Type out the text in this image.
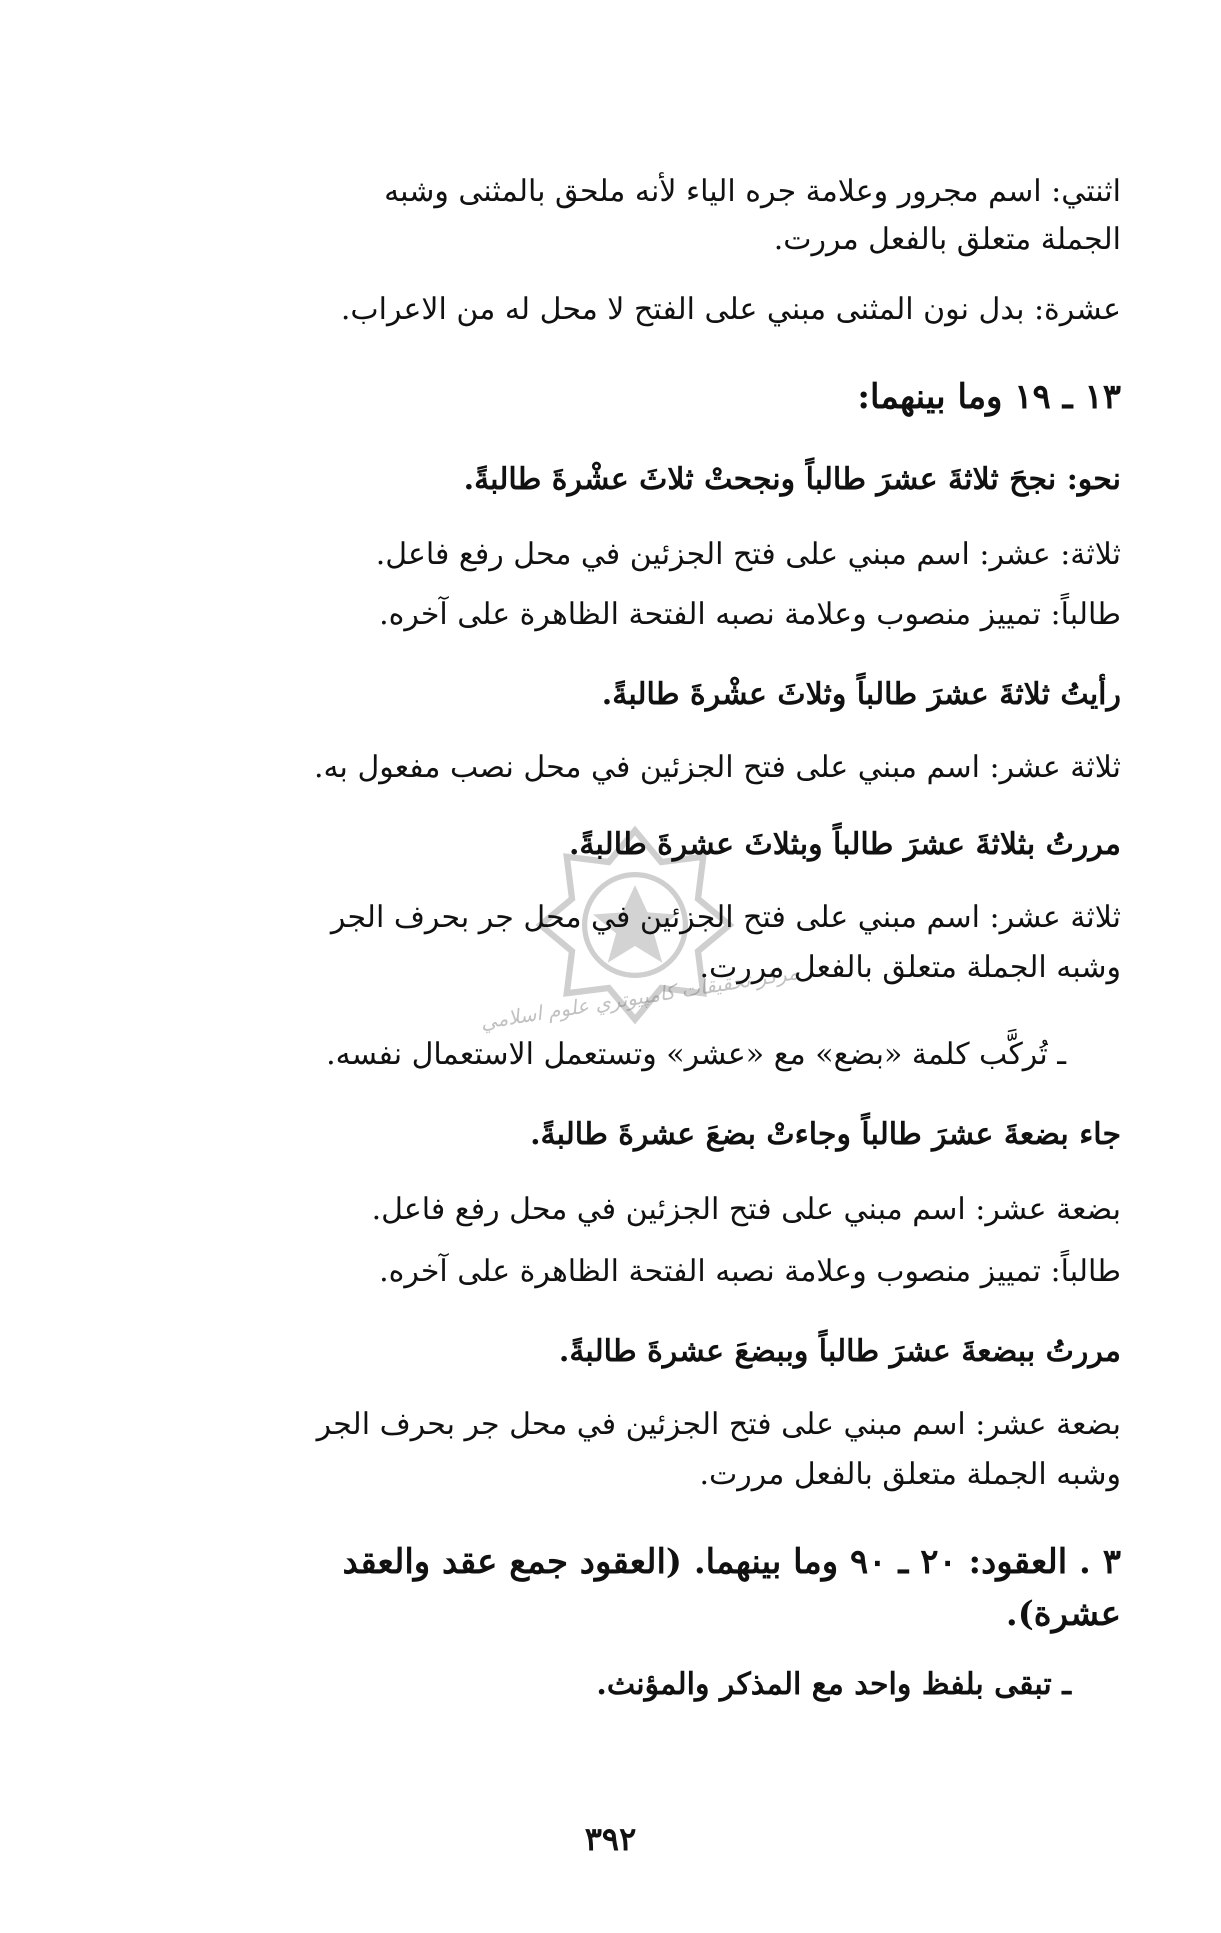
مركز تحقيقات كامپيوتري علوم اسلامي
اثنتي: اسم مجرور وعلامة جره الياء لأنه ملحق بالمثنى وشبه
الجملة متعلق بالفعل مررت.
عشرة: بدل نون المثنى مبني على الفتح لا محل له من الاعراب.
١٣ ـ ١٩ وما بينهما:
نحو: نجحَ ثلاثةَ عشرَ طالباً ونجحتْ ثلاثَ عشْرةَ طالبةً.
ثلاثة: عشر: اسم مبني على فتح الجزئين في محل رفع فاعل.
طالباً: تمييز منصوب وعلامة نصبه الفتحة الظاهرة على آخره.
رأيتُ ثلاثةَ عشرَ طالباً وثلاثَ عشْرةَ طالبةً.
ثلاثة عشر: اسم مبني على فتح الجزئين في محل نصب مفعول به.
مررتُ بثلاثةَ عشرَ طالباً وبثلاثَ عشرةَ طالبةً.
ثلاثة عشر: اسم مبني على فتح الجزئين في محل جر بحرف الجر
وشبه الجملة متعلق بالفعل مررت.
ـ تُركَّب كلمة «بضع» مع «عشر» وتستعمل الاستعمال نفسه.
جاء بضعةَ عشرَ طالباً وجاءتْ بضعَ عشرةَ طالبةً.
بضعة عشر: اسم مبني على فتح الجزئين في محل رفع فاعل.
طالباً: تمييز منصوب وعلامة نصبه الفتحة الظاهرة على آخره.
مررتُ ببضعةَ عشرَ طالباً وببضعَ عشرةَ طالبةً.
بضعة عشر: اسم مبني على فتح الجزئين في محل جر بحرف الجر
وشبه الجملة متعلق بالفعل مررت.
٣ . العقود: ٢٠ ـ ٩٠ وما بينهما. (العقود جمع عقد والعقد
عشرة).
ـ تبقى بلفظ واحد مع المذكر والمؤنث.
٣٩٢
